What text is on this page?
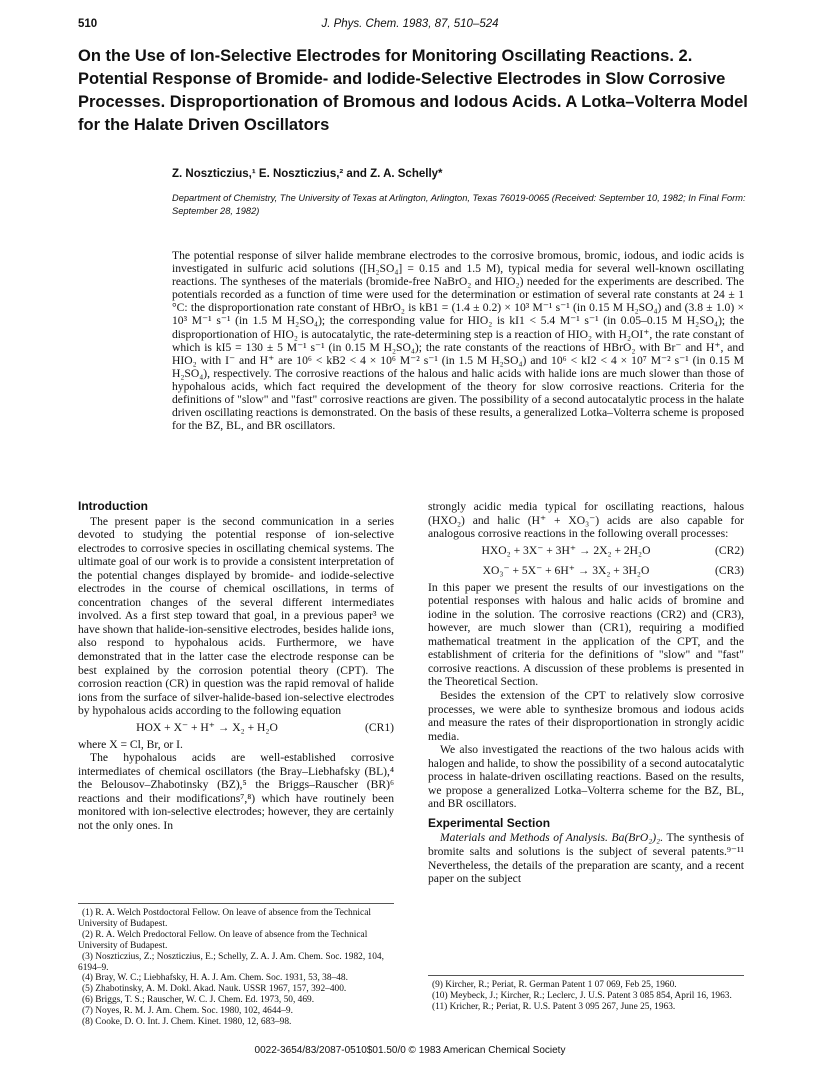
510	J. Phys. Chem. 1983, 87, 510–524
On the Use of Ion-Selective Electrodes for Monitoring Oscillating Reactions. 2. Potential Response of Bromide- and Iodide-Selective Electrodes in Slow Corrosive Processes. Disproportionation of Bromous and Iodous Acids. A Lotka–Volterra Model for the Halate Driven Oscillators
Z. Noszticzius,¹ E. Noszticzius,² and Z. A. Schelly*
Department of Chemistry, The University of Texas at Arlington, Arlington, Texas 76019-0065 (Received: September 10, 1982; In Final Form: September 28, 1982)
The potential response of silver halide membrane electrodes to the corrosive bromous, bromic, iodous, and iodic acids is investigated in sulfuric acid solutions ([H₂SO₄] = 0.15 and 1.5 M), typical media for several well-known oscillating reactions. The syntheses of the materials (bromide-free NaBrO₂ and HIO₂) needed for the experiments are described. The potentials recorded as a function of time were used for the determination or estimation of several rate constants at 24 ± 1 °C: the disproportionation rate constant of HBrO₂ is kB1 = (1.4 ± 0.2) × 10³ M⁻¹ s⁻¹ (in 0.15 M H₂SO₄) and (3.8 ± 1.0) × 10³ M⁻¹ s⁻¹ (in 1.5 M H₂SO₄); the corresponding value for HIO₂ is kI1 < 5.4 M⁻¹ s⁻¹ (in 0.05–0.15 M H₂SO₄); the disproportionation of HIO₂ is autocatalytic, the rate-determining step is a reaction of HIO₂ with H₂OI⁺, the rate constant of which is kI5 = 130 ± 5 M⁻¹ s⁻¹ (in 0.15 M H₂SO₄); the rate constants of the reactions of HBrO₂ with Br⁻ and H⁺, and HIO₂ with I⁻ and H⁺ are 10⁶ < kB2 < 4 × 10⁶ M⁻² s⁻¹ (in 1.5 M H₂SO₄) and 10⁶ < kI2 < 4 × 10⁷ M⁻² s⁻¹ (in 0.15 M H₂SO₄), respectively. The corrosive reactions of the halous and halic acids with halide ions are much slower than those of hypohalous acids, which fact required the development of the theory for slow corrosive reactions. Criteria for the definitions of "slow" and "fast" corrosive reactions are given. The possibility of a second autocatalytic process in the halate driven oscillating reactions is demonstrated. On the basis of these results, a generalized Lotka–Volterra scheme is proposed for the BZ, BL, and BR oscillators.
Introduction

The present paper is the second communication in a series devoted to studying the potential response of ion-selective electrodes to corrosive species in oscillating chemical systems. The ultimate goal of our work is to provide a consistent interpretation of the potential changes displayed by bromide- and iodide-selective electrodes in the course of chemical oscillations, in terms of concentration changes of the several different intermediates involved. As a first step toward that goal, in a previous paper³ we have shown that halide-ion-sensitive electrodes, besides halide ions, also respond to hypohalous acids. Furthermore, we have demonstrated that in the latter case the electrode response can be best explained by the corrosion potential theory (CPT). The corrosion reaction (CR) in question was the rapid removal of halide ions from the surface of silver-halide-based ion-selective electrodes by hypohalous acids according to the following equation

HOX + X⁻ + H⁺ → X₂ + H₂O	(CR1)

where X = Cl, Br, or I.

The hypohalous acids are well-established corrosive intermediates of chemical oscillators (the Bray–Liebhafsky (BL),⁴ the Belousov–Zhabotinsky (BZ),⁵ the Briggs–Rauscher (BR)⁶ reactions and their modifications⁷,⁸) which have routinely been monitored with ion-selective electrodes; however, they are certainly not the only ones. In

strongly acidic media typical for oscillating reactions, halous (HXO₂) and halic (H⁺ + XO₃⁻) acids are also capable for analogous corrosive reactions in the following overall processes:

HXO₂ + 3X⁻ + 3H⁺ → 2X₂ + 2H₂O	(CR2)
XO₃⁻ + 5X⁻ + 6H⁺ → 3X₂ + 3H₂O	(CR3)

In this paper we present the results of our investigations on the potential responses with halous and halic acids of bromine and iodine in the solution. The corrosive reactions (CR2) and (CR3), however, are much slower than (CR1), requiring a modified mathematical treatment in the application of the CPT, and the establishment of criteria for the definitions of "slow" and "fast" corrosive reactions. A discussion of these problems is presented in the Theoretical Section.

Besides the extension of the CPT to relatively slow corrosive processes, we were able to synthesize bromous and iodous acids and measure the rates of their disproportionation in strongly acidic media.

We also investigated the reactions of the two halous acids with halogen and halide, to show the possibility of a second autocatalytic process in halate-driven oscillating reactions. Based on the results, we propose a generalized Lotka–Volterra scheme for the BZ, BL, and BR oscillators.

Experimental Section

Materials and Methods of Analysis. Ba(BrO₂)₂. The synthesis of bromite salts and solutions is the subject of several patents.⁹⁻¹¹ Nevertheless, the details of the preparation are scanty, and a recent paper on the subject

(1) R. A. Welch Postdoctoral Fellow. On leave of absence from the Technical University of Budapest.
(2) R. A. Welch Predoctoral Fellow. On leave of absence from the Technical University of Budapest.
(3) Noszticzius, Z.; Noszticzius, E.; Schelly, Z. A. J. Am. Chem. Soc. 1982, 104, 6194–9.
(4) Bray, W. C.; Liebhafsky, H. A. J. Am. Chem. Soc. 1931, 53, 38–48.
(5) Zhabotinsky, A. M. Dokl. Akad. Nauk. USSR 1967, 157, 392–400.
(6) Briggs, T. S.; Rauscher, W. C. J. Chem. Ed. 1973, 50, 469.
(7) Noyes, R. M. J. Am. Chem. Soc. 1980, 102, 4644–9.
(8) Cooke, D. O. Int. J. Chem. Kinet. 1980, 12, 683–98.
(9) Kircher, R.; Periat, R. German Patent 1 07 069, Feb 25, 1960.
(10) Meybeck, J.; Kircher, R.; Leclerc, J. U.S. Patent 3 085 854, April 16, 1963.
(11) Kricher, R.; Periat, R. U.S. Patent 3 095 267, June 25, 1963.
0022-3654/83/2087-0510$01.50/0 © 1983 American Chemical Society
